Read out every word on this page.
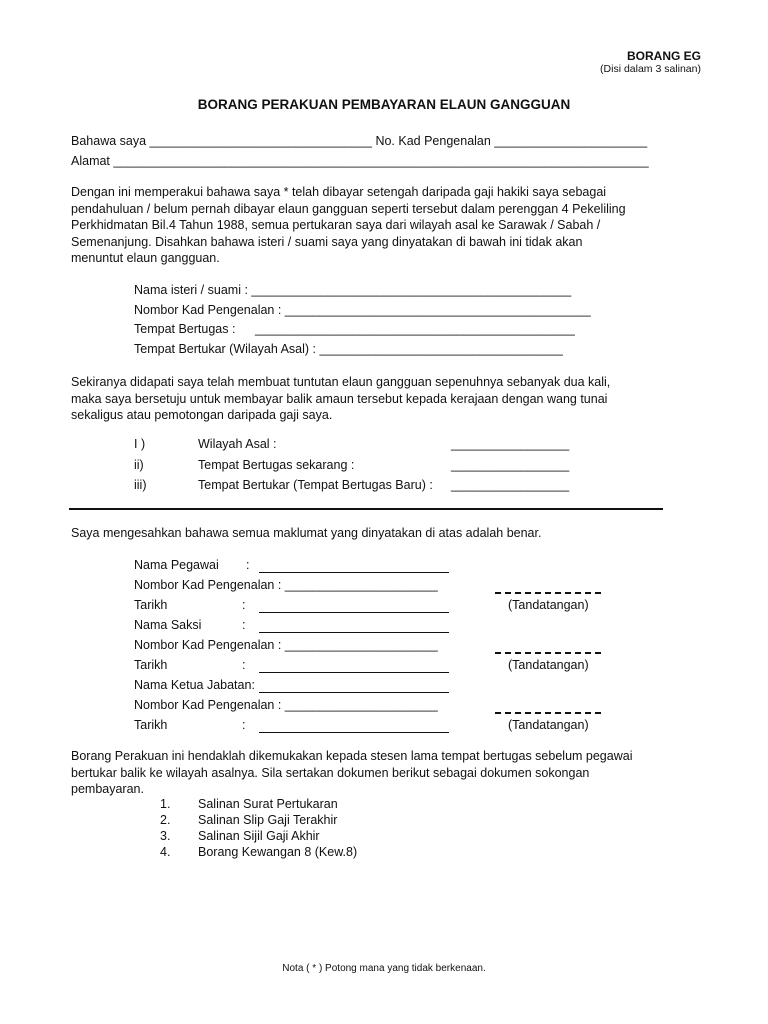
BORANG EG
(Disi dalam 3 salinan)
BORANG PERAKUAN PEMBAYARAN ELAUN GANGGUAN
Bahawa saya ________________________________ No. Kad Pengenalan ______________________
Alamat _____________________________________________________________________________
Dengan ini memperakui bahawa saya * telah dibayar setengah daripada gaji hakiki saya sebagai pendahuluan / belum pernah dibayar elaun gangguan seperti tersebut dalam perenggan 4 Pekeliling Perkhidmatan Bil.4 Tahun 1988, semua pertukaran saya dari wilayah asal ke Sarawak / Sabah / Semenanjung. Disahkan bahawa isteri / suami saya yang dinyatakan di bawah ini tidak akan menuntut elaun gangguan.
Nama isteri / suami : ______________________________________________
Nombor Kad Pengenalan : ____________________________________________
Tempat Bertugas : ______________________________________________
Tempat Bertukar (Wilayah Asal) : ___________________________________
Sekiranya didapati saya telah membuat tuntutan elaun gangguan sepenuhnya sebanyak dua kali, maka saya bersetuju untuk membayar balik amaun tersebut kepada kerajaan dengan wang tunai sekaligus atau pemotongan daripada gaji saya.
I )	Wilayah Asal :	_________________
ii)	Tempat Bertugas sekarang :	_________________
iii)	Tempat Bertukar (Tempat Bertugas Baru) : _________________
Saya mengesahkan bahawa semua maklumat yang dinyatakan di atas adalah benar.
Nama Pegawai :
Nombor Kad Pengenalan : ______________________
Tarikh	:	(Tandatangan)
Nama Saksi	:
Nombor Kad Pengenalan : ______________________
Tarikh	:	(Tandatangan)
Nama Ketua Jabatan:
Nombor Kad Pengenalan : ______________________
Tarikh	:	(Tandatangan)
Borang Perakuan ini hendaklah dikemukakan kepada stesen lama tempat bertugas sebelum pegawai bertukar balik ke wilayah asalnya. Sila sertakan dokumen berikut sebagai dokumen sokongan pembayaran.
1. Salinan Surat Pertukaran
2. Salinan Slip Gaji Terakhir
3. Salinan Sijil Gaji Akhir
4. Borang Kewangan 8 (Kew.8)
Nota ( * ) Potong mana yang tidak berkenaan.
